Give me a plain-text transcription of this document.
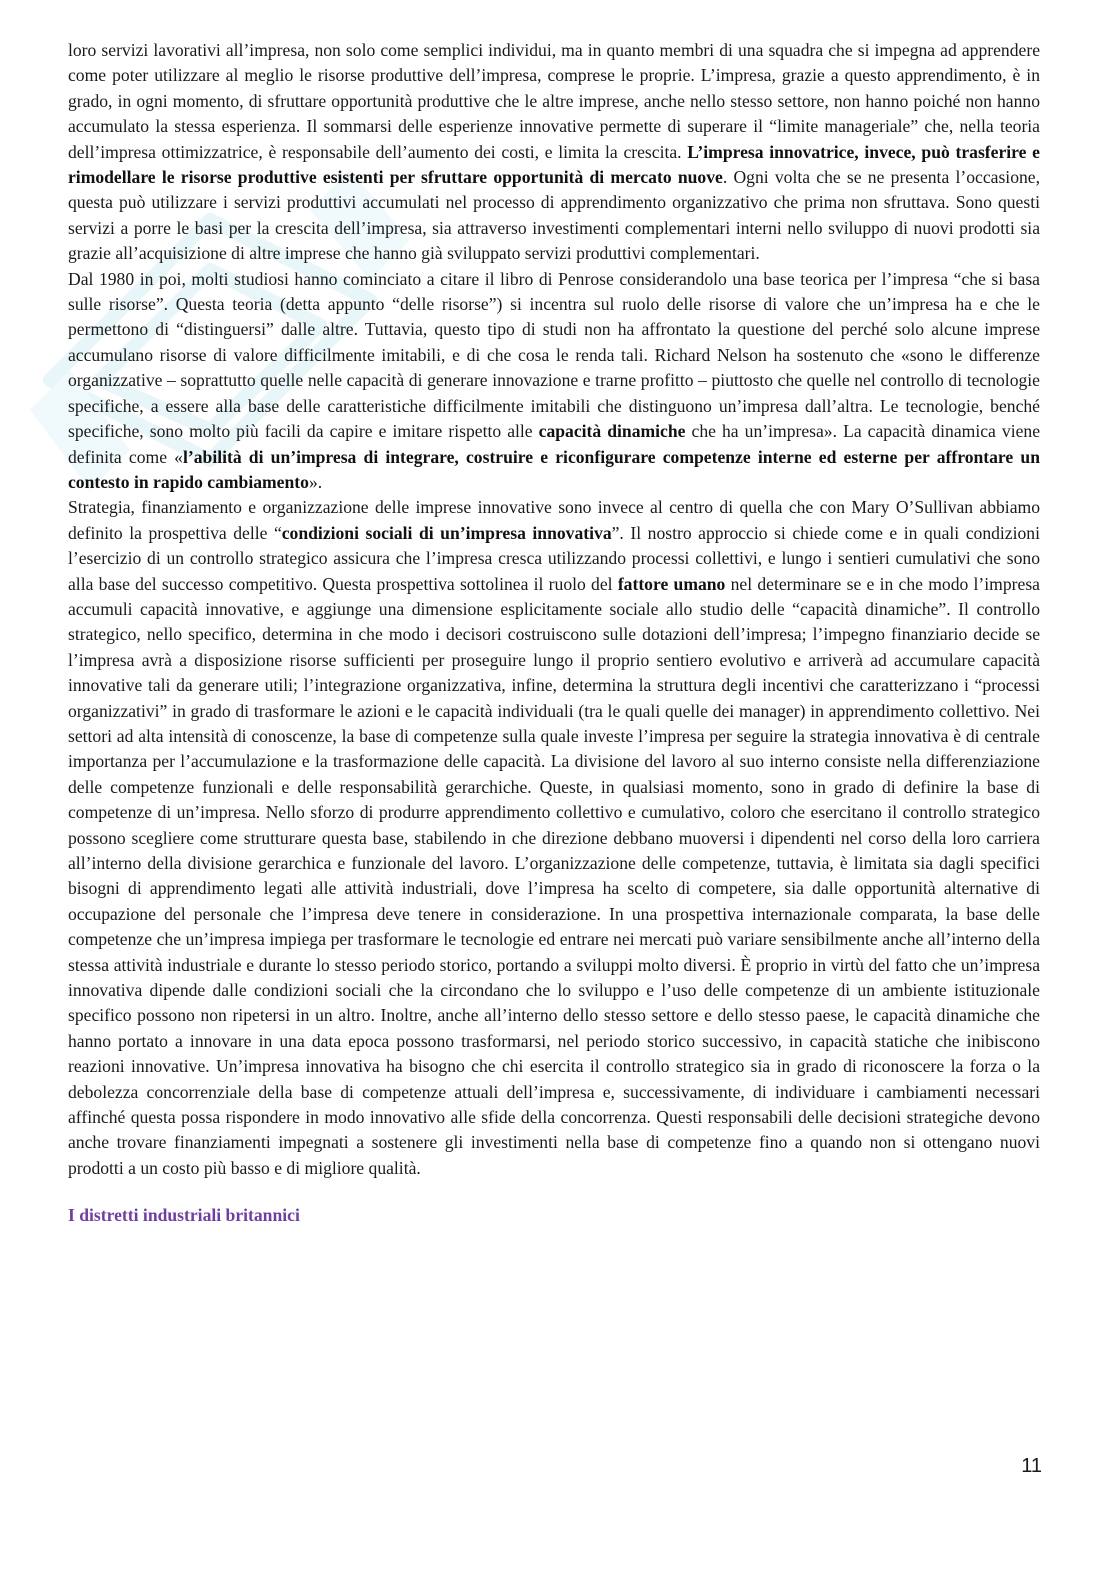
loro servizi lavorativi all’impresa, non solo come semplici individui, ma in quanto membri di una squadra che si impegna ad apprendere come poter utilizzare al meglio le risorse produttive dell’impresa, comprese le proprie. L’impresa, grazie a questo apprendimento, è in grado, in ogni momento, di sfruttare opportunità produttive che le altre imprese, anche nello stesso settore, non hanno poiché non hanno accumulato la stessa esperienza. Il sommarsi delle esperienze innovative permette di superare il “limite manageriale” che, nella teoria dell’impresa ottimizzatrice, è responsabile dell’aumento dei costi, e limita la crescita. L’impresa innovatrice, invece, può trasferire e rimodellare le risorse produttive esistenti per sfruttare opportunità di mercato nuove. Ogni volta che se ne presenta l’occasione, questa può utilizzare i servizi produttivi accumulati nel processo di apprendimento organizzativo che prima non sfruttava. Sono questi servizi a porre le basi per la crescita dell’impresa, sia attraverso investimenti complementari interni nello sviluppo di nuovi prodotti sia grazie all’acquisizione di altre imprese che hanno già sviluppato servizi produttivi complementari.

Dal 1980 in poi, molti studiosi hanno cominciato a citare il libro di Penrose considerandolo una base teorica per l’impresa “che si basa sulle risorse”. Questa teoria (detta appunto “delle risorse”) si incentra sul ruolo delle risorse di valore che un’impresa ha e che le permettono di “distinguersi” dalle altre. Tuttavia, questo tipo di studi non ha affrontato la questione del perché solo alcune imprese accumulano risorse di valore difficilmente imitabili, e di che cosa le renda tali. Richard Nelson ha sostenuto che «sono le differenze organizzative – soprattutto quelle nelle capacità di generare innovazione e trarne profitto – piuttosto che quelle nel controllo di tecnologie specifiche, a essere alla base delle caratteristiche difficilmente imitabili che distinguono un’impresa dall’altra. Le tecnologie, benché specifiche, sono molto più facili da capire e imitare rispetto alle capacità dinamiche che ha un’impresa». La capacità dinamica viene definita come «l’abilità di un’impresa di integrare, costruire e riconfigurare competenze interne ed esterne per affrontare un contesto in rapido cambiamento».

Strategia, finanziamento e organizzazione delle imprese innovative sono invece al centro di quella che con Mary O’Sullivan abbiamo definito la prospettiva delle “condizioni sociali di un’impresa innovativa”. Il nostro approccio si chiede come e in quali condizioni l’esercizio di un controllo strategico assicura che l’impresa cresca utilizzando processi collettivi, e lungo i sentieri cumulativi che sono alla base del successo competitivo. Questa prospettiva sottolinea il ruolo del fattore umano nel determinare se e in che modo l’impresa accumuli capacità innovative, e aggiunge una dimensione esplicitamente sociale allo studio delle “capacità dinamiche”. Il controllo strategico, nello specifico, determina in che modo i decisori costruiscono sulle dotazioni dell’impresa; l’impegno finanziario decide se l’impresa avrà a disposizione risorse sufficienti per proseguire lungo il proprio sentiero evolutivo e arriverà ad accumulare capacità innovative tali da generare utili; l’integrazione organizzativa, infine, determina la struttura degli incentivi che caratterizzano i “processi organizzativi” in grado di trasformare le azioni e le capacità individuali (tra le quali quelle dei manager) in apprendimento collettivo. Nei settori ad alta intensità di conoscenze, la base di competenze sulla quale investe l’impresa per seguire la strategia innovativa è di centrale importanza per l’accumulazione e la trasformazione delle capacità. La divisione del lavoro al suo interno consiste nella differenziazione delle competenze funzionali e delle responsabilità gerarchiche. Queste, in qualsiasi momento, sono in grado di definire la base di competenze di un’impresa. Nello sforzo di produrre apprendimento collettivo e cumulativo, coloro che esercitano il controllo strategico possono scegliere come strutturare questa base, stabilendo in che direzione debbano muoversi i dipendenti nel corso della loro carriera all’interno della divisione gerarchica e funzionale del lavoro. L’organizzazione delle competenze, tuttavia, è limitata sia dagli specifici bisogni di apprendimento legati alle attività industriali, dove l’impresa ha scelto di competere, sia dalle opportunità alternative di occupazione del personale che l’impresa deve tenere in considerazione. In una prospettiva internazionale comparata, la base delle competenze che un’impresa impiega per trasformare le tecnologie ed entrare nei mercati può variare sensibilmente anche all’interno della stessa attività industriale e durante lo stesso periodo storico, portando a sviluppi molto diversi. È proprio in virtù del fatto che un’impresa innovativa dipende dalle condizioni sociali che la circondano che lo sviluppo e l’uso delle competenze di un ambiente istituzionale specifico possono non ripetersi in un altro. Inoltre, anche all’interno dello stesso settore e dello stesso paese, le capacità dinamiche che hanno portato a innovare in una data epoca possono trasformarsi, nel periodo storico successivo, in capacità statiche che inibiscono reazioni innovative. Un’impresa innovativa ha bisogno che chi esercita il controllo strategico sia in grado di riconoscere la forza o la debolezza concorrenziale della base di competenze attuali dell’impresa e, successivamente, di individuare i cambiamenti necessari affinché questa possa rispondere in modo innovativo alle sfide della concorrenza. Questi responsabili delle decisioni strategiche devono anche trovare finanziamenti impegnati a sostenere gli investimenti nella base di competenze fino a quando non si ottengano nuovi prodotti a un costo più basso e di migliore qualità.

I distretti industriali britannici
11
